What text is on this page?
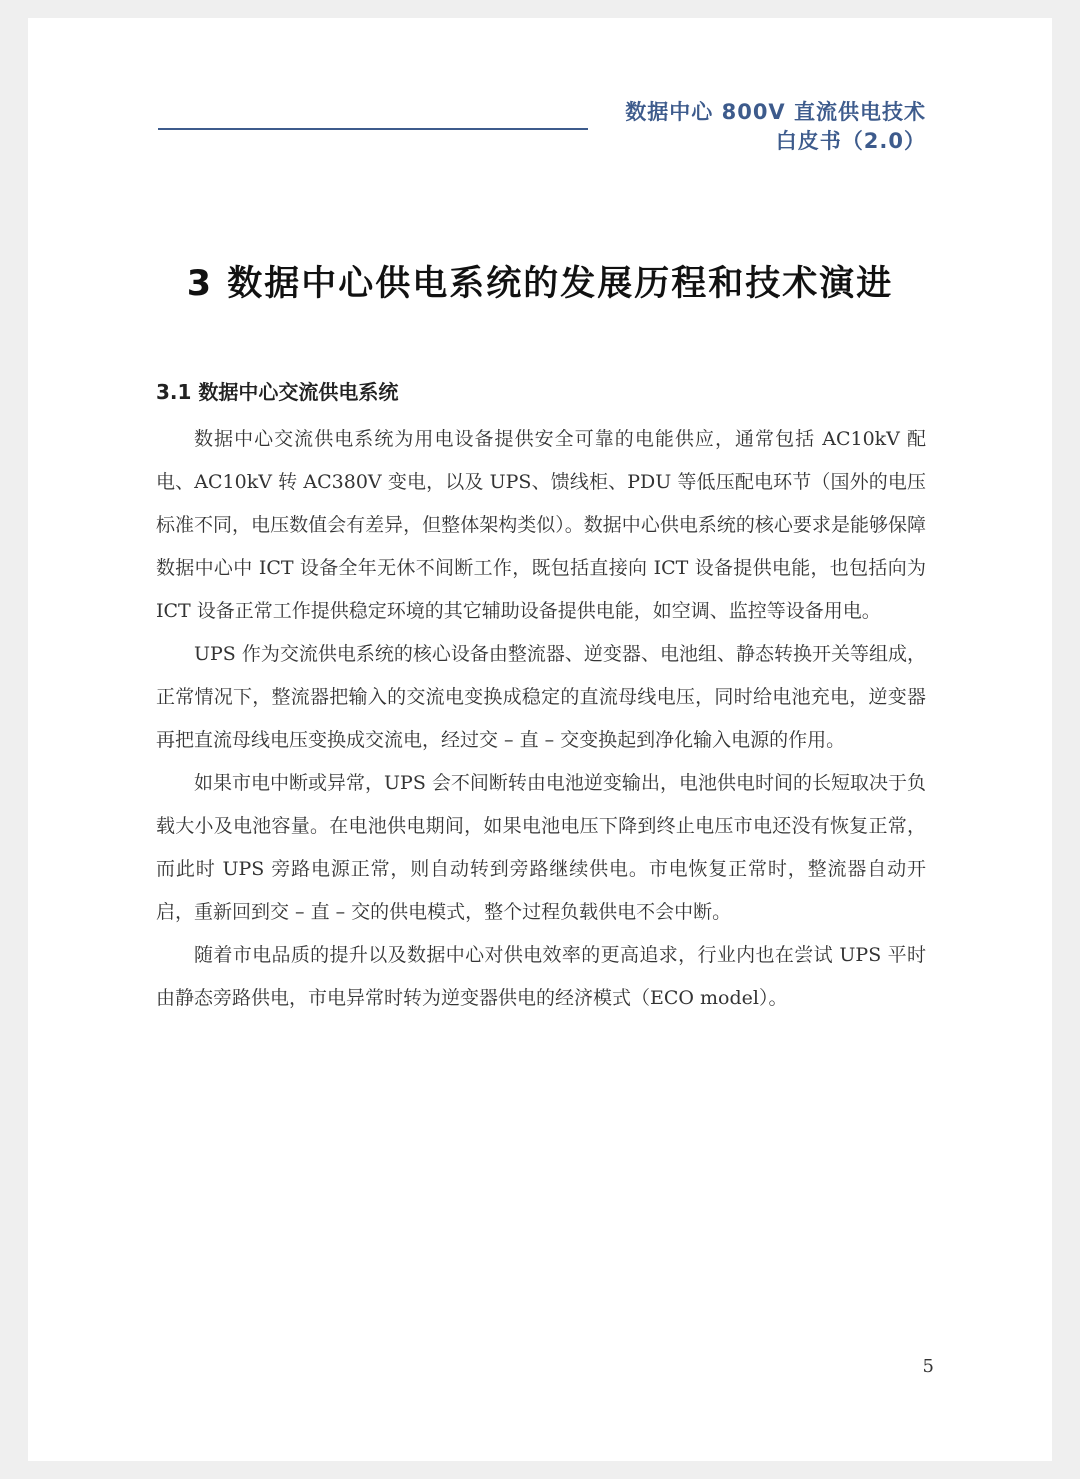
数据中心 800V 直流供电技术
白皮书（2.0）
3 数据中心供电系统的发展历程和技术演进
3.1 数据中心交流供电系统

数据中心交流供电系统为用电设备提供安全可靠的电能供应，通常包括 AC10kV 配电、AC10kV 转 AC380V 变电，以及 UPS、馈线柜、PDU 等低压配电环节（国外的电压标准不同，电压数值会有差异，但整体架构类似）。数据中心供电系统的核心要求是能够保障数据中心中 ICT 设备全年无休不间断工作，既包括直接向 ICT 设备提供电能，也包括向为 ICT 设备正常工作提供稳定环境的其它辅助设备提供电能，如空调、监控等设备用电。

UPS 作为交流供电系统的核心设备由整流器、逆变器、电池组、静态转换开关等组成，正常情况下，整流器把输入的交流电变换成稳定的直流母线电压，同时给电池充电，逆变器再把直流母线电压变换成交流电，经过交 – 直 – 交变换起到净化输入电源的作用。

如果市电中断或异常，UPS 会不间断转由电池逆变输出，电池供电时间的长短取决于负载大小及电池容量。在电池供电期间，如果电池电压下降到终止电压市电还没有恢复正常，而此时 UPS 旁路电源正常，则自动转到旁路继续供电。市电恢复正常时，整流器自动开启，重新回到交 – 直 – 交的供电模式，整个过程负载供电不会中断。

随着市电品质的提升以及数据中心对供电效率的更高追求，行业内也在尝试 UPS 平时由静态旁路供电，市电异常时转为逆变器供电的经济模式（ECO model）。

5
